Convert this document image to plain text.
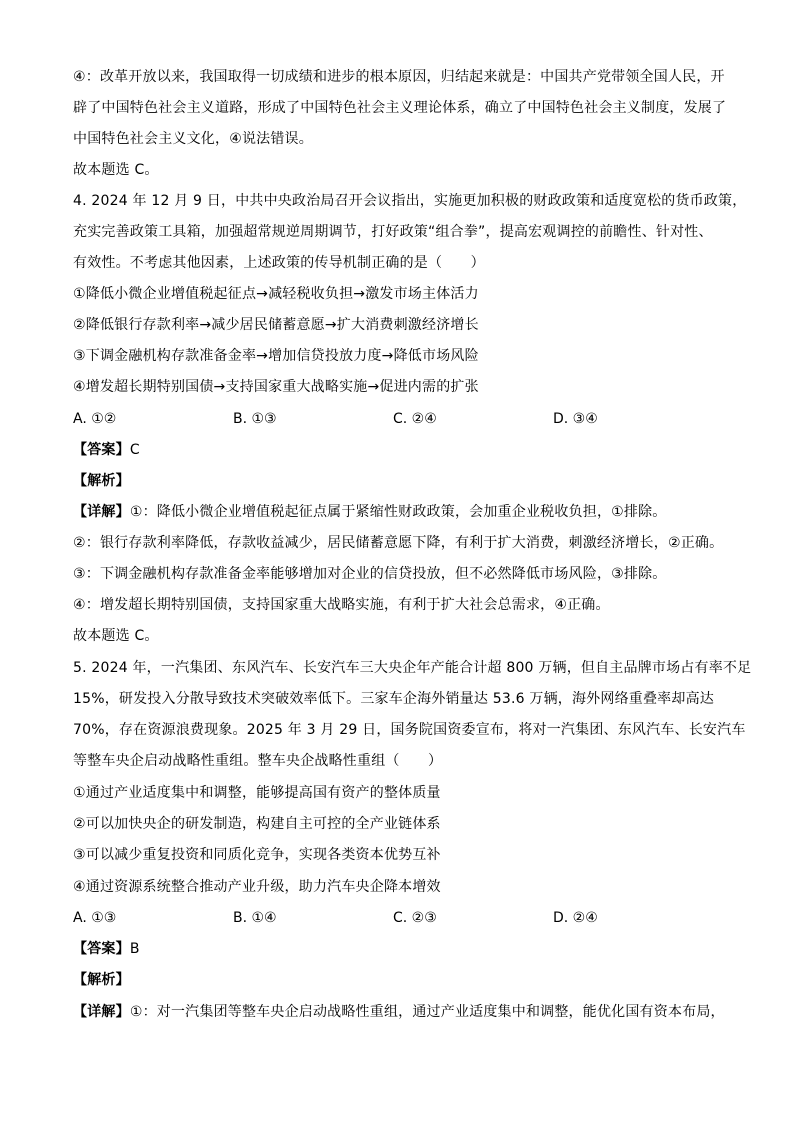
④：改革开放以来，我国取得一切成绩和进步的根本原因，归结起来就是：中国共产党带领全国人民，开
辟了中国特色社会主义道路，形成了中国特色社会主义理论体系，确立了中国特色社会主义制度，发展了
中国特色社会主义文化，④说法错误。
故本题选 C。
4. 2024 年 12 月 9 日，中共中央政治局召开会议指出，实施更加积极的财政政策和适度宽松的货币政策，
充实完善政策工具箱，加强超常规逆周期调节，打好政策“组合拳”，提高宏观调控的前瞻性、针对性、
有效性。不考虑其他因素，上述政策的传导机制正确的是（　　）
①降低小微企业增值税起征点→减轻税收负担→激发市场主体活力
②降低银行存款利率→减少居民储蓄意愿→扩大消费刺激经济增长
③下调金融机构存款准备金率→增加信贷投放力度→降低市场风险
④增发超长期特别国债→支持国家重大战略实施→促进内需的扩张
A. ①②	B. ①③	C. ②④	D. ③④
【答案】C
【解析】
【详解】①：降低小微企业增值税起征点属于紧缩性财政政策，会加重企业税收负担，①排除。
②：银行存款利率降低，存款收益减少，居民储蓄意愿下降，有利于扩大消费，刺激经济增长，②正确。
③：下调金融机构存款准备金率能够增加对企业的信贷投放，但不必然降低市场风险，③排除。
④：增发超长期特别国债，支持国家重大战略实施，有利于扩大社会总需求，④正确。
故本题选 C。
5. 2024 年，一汽集团、东风汽车、长安汽车三大央企年产能合计超 800 万辆，但自主品牌市场占有率不足
15%，研发投入分散导致技术突破效率低下。三家车企海外销量达 53.6 万辆，海外网络重叠率却高达
70%，存在资源浪费现象。2025 年 3 月 29 日，国务院国资委宣布，将对一汽集团、东风汽车、长安汽车
等整车央企启动战略性重组。整车央企战略性重组（　　）
①通过产业适度集中和调整，能够提高国有资产的整体质量
②可以加快央企的研发制造，构建自主可控的全产业链体系
③可以减少重复投资和同质化竞争，实现各类资本优势互补
④通过资源系统整合推动产业升级，助力汽车央企降本增效
A. ①③	B. ①④	C. ②③	D. ②④
【答案】B
【解析】
【详解】①：对一汽集团等整车央企启动战略性重组，通过产业适度集中和调整，能优化国有资本布局，
